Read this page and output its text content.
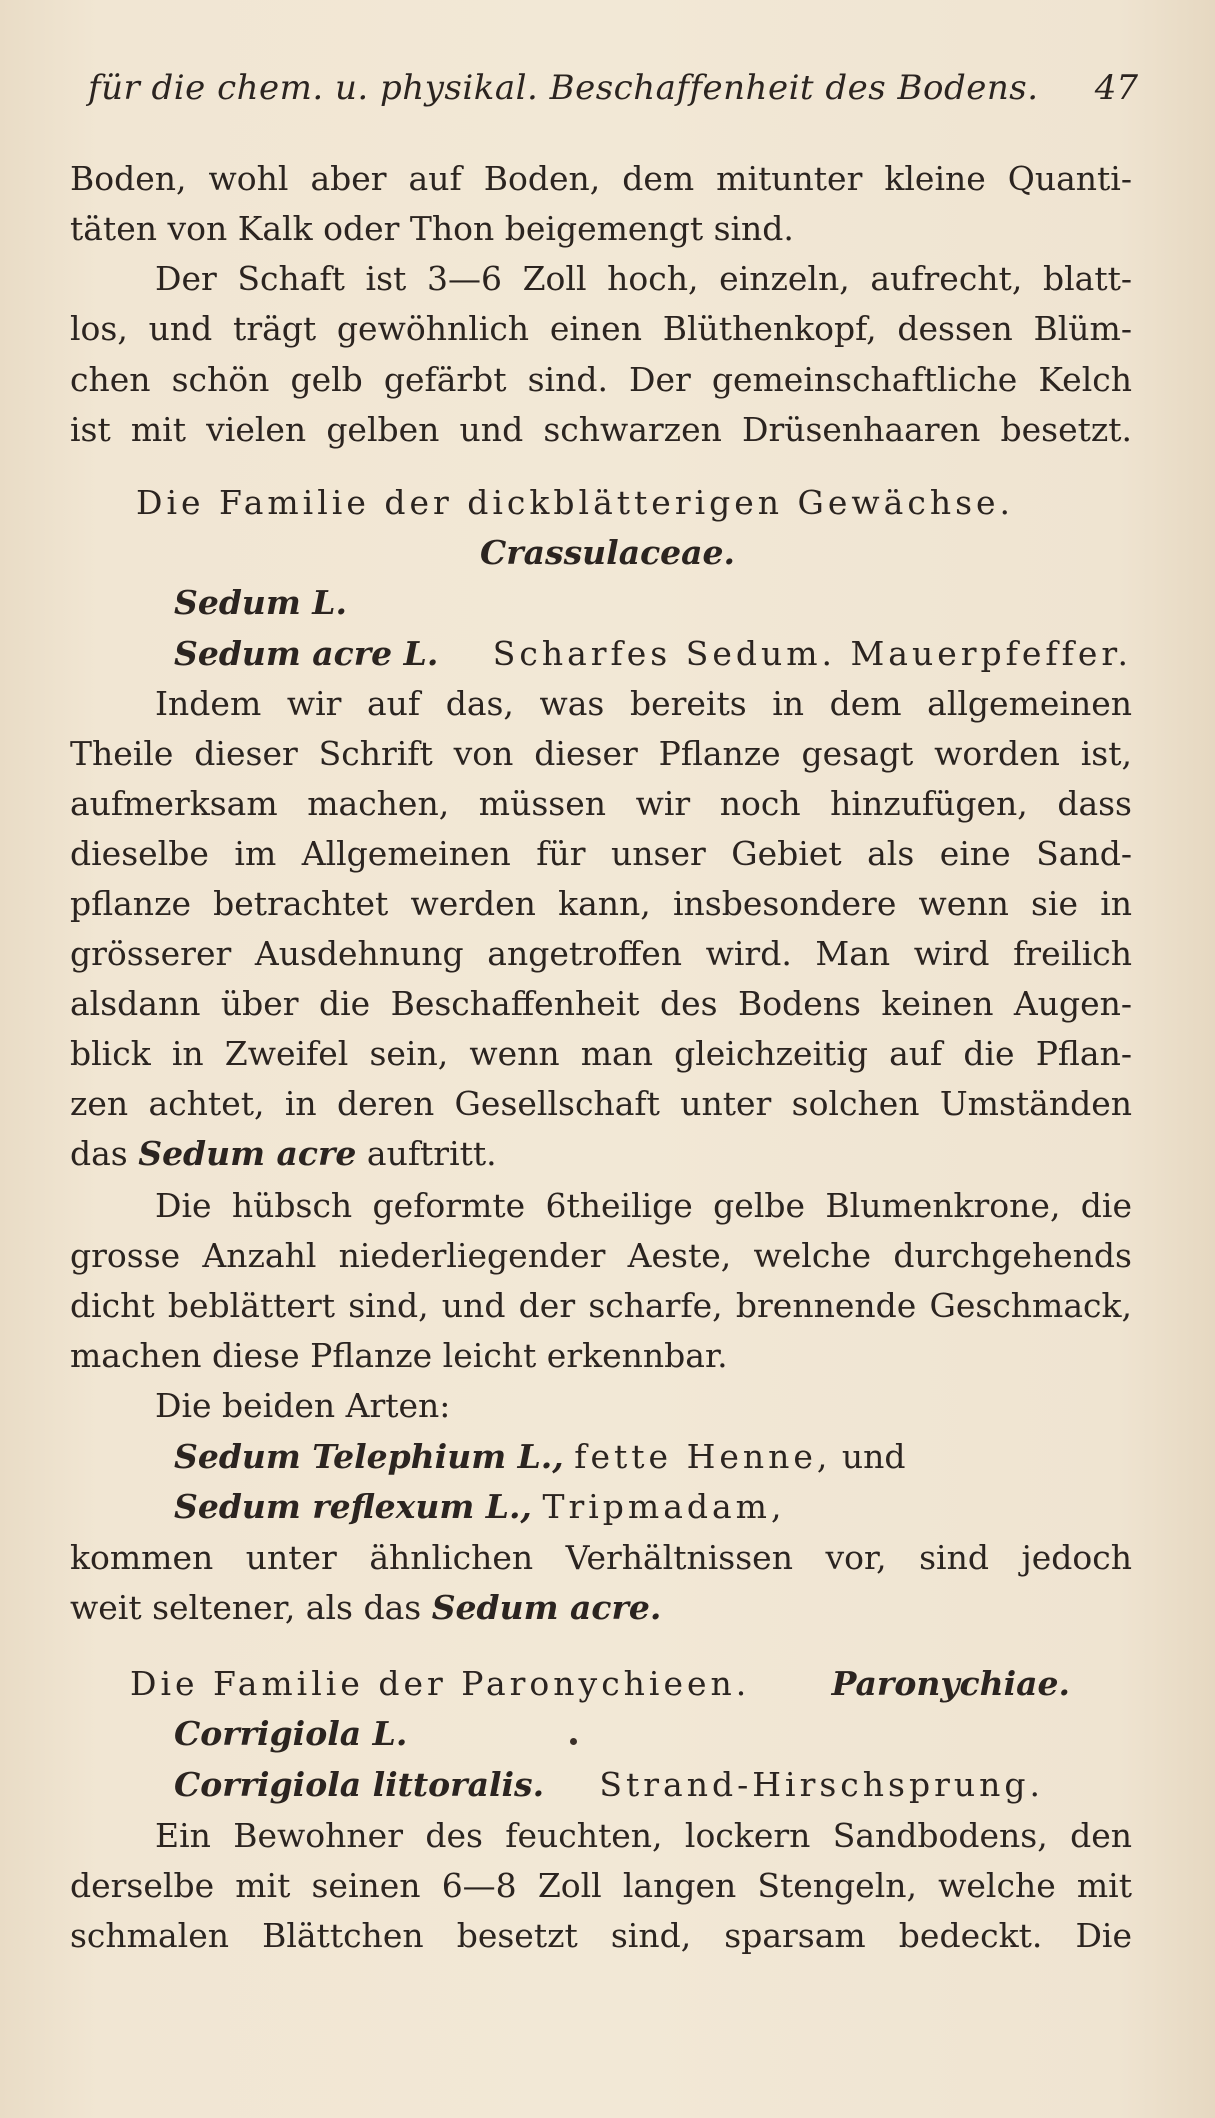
für die chem. u. physikal. Beschaffenheit des Bodens. 47
Boden, wohl aber auf Boden, dem mitunter kleine Quanti-
täten von Kalk oder Thon beigemengt sind.
Der Schaft ist 3—6 Zoll hoch, einzeln, aufrecht, blatt-
los, und trägt gewöhnlich einen Blüthenkopf, dessen Blüm-
chen schön gelb gefärbt sind. Der gemeinschaftliche Kelch
ist mit vielen gelben und schwarzen Drüsenhaaren besetzt.
Die Familie der dickblätterigen Gewächse.
Crassulaceae.
Sedum L.
Sedum acre L. Scharfes Sedum. Mauerpfeffer.
Indem wir auf das, was bereits in dem allgemeinen
Theile dieser Schrift von dieser Pflanze gesagt worden ist,
aufmerksam machen, müssen wir noch hinzufügen, dass
dieselbe im Allgemeinen für unser Gebiet als eine Sand-
pflanze betrachtet werden kann, insbesondere wenn sie in
grösserer Ausdehnung angetroffen wird. Man wird freilich
alsdann über die Beschaffenheit des Bodens keinen Augen-
blick in Zweifel sein, wenn man gleichzeitig auf die Pflan-
zen achtet, in deren Gesellschaft unter solchen Umständen
das Sedum acre auftritt.
Die hübsch geformte 6theilige gelbe Blumenkrone, die
grosse Anzahl niederliegender Aeste, welche durchgehends
dicht beblättert sind, und der scharfe, brennende Geschmack,
machen diese Pflanze leicht erkennbar.
Die beiden Arten:
Sedum Telephium L., fette Henne, und
Sedum reflexum L., Tripmadam,
kommen unter ähnlichen Verhältnissen vor, sind jedoch
weit seltener, als das Sedum acre.
Die Familie der Paronychieen. Paronychiae.
Corrigiola L.
Corrigiola littoralis. Strand-Hirschsprung.
Ein Bewohner des feuchten, lockern Sandbodens, den
derselbe mit seinen 6—8 Zoll langen Stengeln, welche mit
schmalen Blättchen besetzt sind, sparsam bedeckt. Die
